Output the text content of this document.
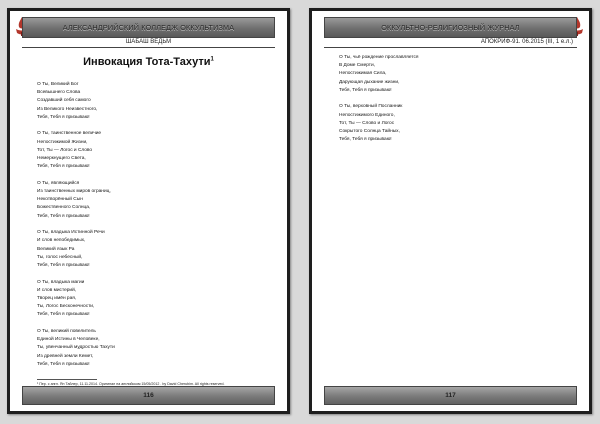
АЛЕКСАНДРИЙСКИЙ КОЛЛЕДЖ ОККУЛЬТИЗМА
ШАБАШ ВЕДЬМ
Инвокация Тота-Тахути$^1$
О Ты, Великий Бог
Всевышнего Слова
Создавший себя самого
Из Великого Неизвестного,
Тебя, Тебя я призываю!
О Ты, таинственное величие
Непостижимой Жизни,
Тот, Ты — Логос и Слово
Немеркнущего Света,
Тебя, Тебя я призываю!
О Ты, являющийся
Из таинственных миров ограниц,
Некотворённый Сын
Божественного Солнца,
Тебя, Тебя я призываю!
О Ты, владыка Истинной Речи
И слов непобедимых,
Великий язык Ра
Ты, голос небесный,
Тебя, Тебя я призываю!
О Ты, владыка магии
И слов мистерий,
Творец имён рая,
Ты, Логос Бесконечности,
Тебя, Тебя я призываю!
О Ты, великий повелитель
Единой Истины в Человеке,
Ты, увенчанный мудростью Тахути
Из древней земли Кемет,
Тебя, Тебя я призываю!
¹ Пер. с англ. Ян Тайлер, 11.11.2014. Оригинал на английском 15/05/2012 . by David Cherubim. All rights reserved.
116
ОККУЛЬТНО-РЕЛИГИОЗНЫЙ ЖУРНАЛ
АПОКРИФ-91. 06.2015 (III, 1 е.л.)
О Ты, чьё рождение прославляется
В Доме Смерти,
Непостижимая Сила,
Дарующая дыхание жизни,
Тебя, Тебя я призываю!
О Ты, верховный Посланник
Непостижимого Единого,
Тот, Ты — Слово и Логос
Сокрытого Солнца Тайных,
Тебя, Тебя я призываю!
117
